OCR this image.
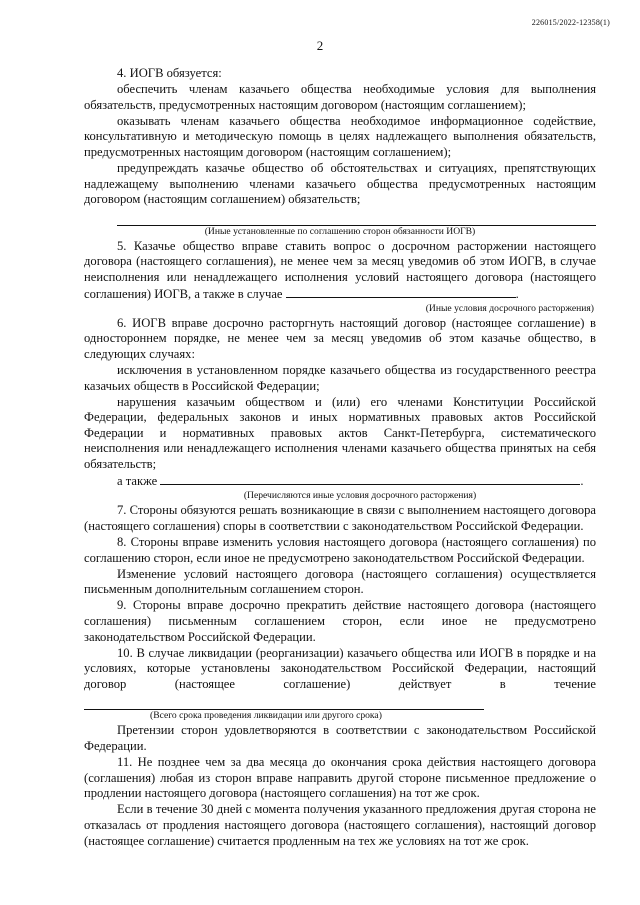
226015/2022-12358(1)
2

4. ИОГВ обязуется:

обеспечить членам казачьего общества необходимые условия для выполнения обязательств, предусмотренных настоящим договором (настоящим соглашением);

оказывать членам казачьего общества необходимое информационное содействие, консультативную и методическую помощь в целях надлежащего выполнения обязательств, предусмотренных настоящим договором (настоящим соглашением);

предупреждать казачье общество об обстоятельствах и ситуациях, препятствующих надлежащему выполнению членами казачьего общества предусмотренных настоящим договором (настоящим соглашением) обязательств;

(Иные установленные по соглашению сторон обязанности ИОГВ)

5. Казачье общество вправе ставить вопрос о досрочном расторжении настоящего договора (настоящего соглашения), не менее чем за месяц уведомив об этом ИОГВ, в случае неисполнения или ненадлежащего исполнения условий настоящего договора (настоящего соглашения) ИОГВ, а также в случае	.

(Иные условия досрочного расторжения)

6. ИОГВ вправе досрочно расторгнуть настоящий договор (настоящее соглашение) в одностороннем порядке, не менее чем за месяц уведомив об этом казачье общество, в следующих случаях:

исключения в установленном порядке казачьего общества из государственного реестра казачьих обществ в Российской Федерации;

нарушения казачьим обществом и (или) его членами Конституции Российской Федерации, федеральных законов и иных нормативных правовых актов Российской Федерации и нормативных правовых актов Санкт-Петербурга, систематического неисполнения или ненадлежащего исполнения членами казачьего общества принятых на себя обязательств;

а также	.

(Перечисляются иные условия досрочного расторжения)

7. Стороны обязуются решать возникающие в связи с выполнением настоящего договора (настоящего соглашения) споры в соответствии с законодательством Российской Федерации.

8. Стороны вправе изменить условия настоящего договора (настоящего соглашения) по соглашению сторон, если иное не предусмотрено законодательством Российской Федерации.

Изменение условий настоящего договора (настоящего соглашения) осуществляется письменным дополнительным соглашением сторон.

9. Стороны вправе досрочно прекратить действие настоящего договора (настоящего соглашения) письменным соглашением сторон, если иное не предусмотрено законодательством Российской Федерации.

10. В случае ликвидации (реорганизации) казачьего общества или ИОГВ в порядке и на условиях, которые установлены законодательством Российской Федерации, настоящий договор (настоящее соглашение) действует в течение

(Всего срока проведения ликвидации или другого срока)

Претензии сторон удовлетворяются в соответствии с законодательством Российской Федерации.

11. Не позднее чем за два месяца до окончания срока действия настоящего договора (соглашения) любая из сторон вправе направить другой стороне письменное предложение о продлении настоящего договора (настоящего соглашения) на тот же срок.

Если в течение 30 дней с момента получения указанного предложения другая сторона не отказалась от продления настоящего договора (настоящего соглашения), настоящий договор (настоящее соглашение) считается продленным на тех же условиях на тот же срок.
